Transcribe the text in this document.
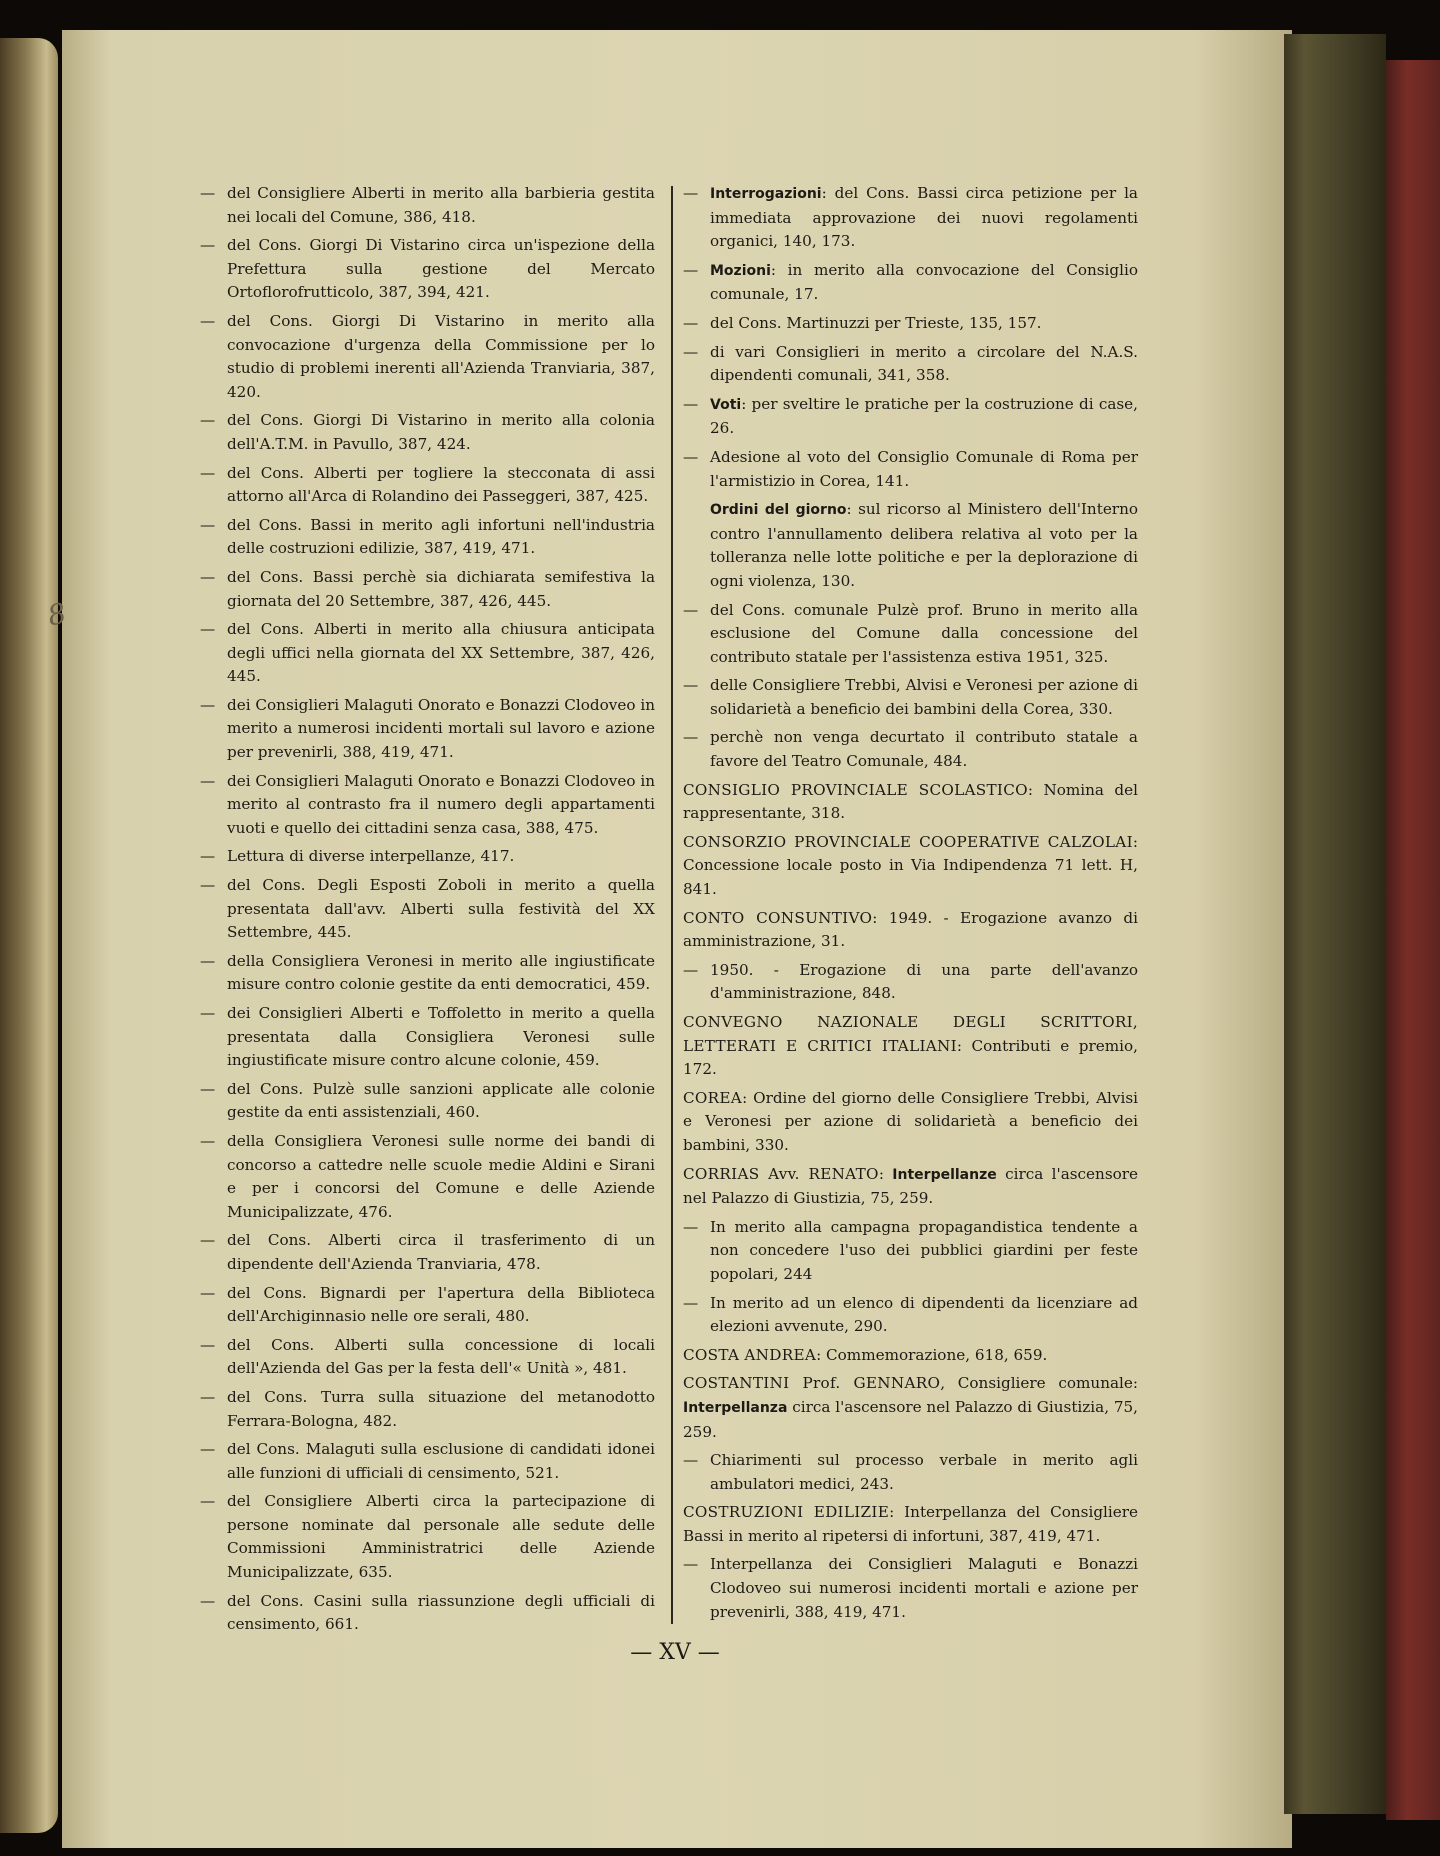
8
— del Consigliere Alberti in merito alla barbieria gestita nei locali del Comune, 386, 418.
— del Cons. Giorgi Di Vistarino circa un'ispezione della Prefettura sulla gestione del Mercato Ortoflorofrutticolo, 387, 394, 421.
— del Cons. Giorgi Di Vistarino in merito alla convocazione d'urgenza della Commissione per lo studio di problemi inerenti all'Azienda Tranviaria, 387, 420.
— del Cons. Giorgi Di Vistarino in merito alla colonia dell'A.T.M. in Pavullo, 387, 424.
— del Cons. Alberti per togliere la stecconata di assi attorno all'Arca di Rolandino dei Passeggeri, 387, 425.
— del Cons. Bassi in merito agli infortuni nell'industria delle costruzioni edilizie, 387, 419, 471.
— del Cons. Bassi perchè sia dichiarata semifestiva la giornata del 20 Settembre, 387, 426, 445.
— del Cons. Alberti in merito alla chiusura anticipata degli uffici nella giornata del XX Settembre, 387, 426, 445.
— dei Consiglieri Malaguti Onorato e Bonazzi Clodoveo in merito a numerosi incidenti mortali sul lavoro e azione per prevenirli, 388, 419, 471.
— dei Consiglieri Malaguti Onorato e Bonazzi Clodoveo in merito al contrasto fra il numero degli appartamenti vuoti e quello dei cittadini senza casa, 388, 475.
— Lettura di diverse interpellanze, 417.
— del Cons. Degli Esposti Zoboli in merito a quella presentata dall'avv. Alberti sulla festività del XX Settembre, 445.
— della Consigliera Veronesi in merito alle ingiustificate misure contro colonie gestite da enti democratici, 459.
— dei Consiglieri Alberti e Toffoletto in merito a quella presentata dalla Consigliera Veronesi sulle ingiustificate misure contro alcune colonie, 459.
— del Cons. Pulzè sulle sanzioni applicate alle colonie gestite da enti assistenziali, 460.
— della Consigliera Veronesi sulle norme dei bandi di concorso a cattedre nelle scuole medie Aldini e Sirani e per i concorsi del Comune e delle Aziende Municipalizzate, 476.
— del Cons. Alberti circa il trasferimento di un dipendente dell'Azienda Tranviaria, 478.
— del Cons. Bignardi per l'apertura della Biblioteca dell'Archiginnasio nelle ore serali, 480.
— del Cons. Alberti sulla concessione di locali dell'Azienda del Gas per la festa dell'« Unità », 481.
— del Cons. Turra sulla situazione del metanodotto Ferrara-Bologna, 482.
— del Cons. Malaguti sulla esclusione di candidati idonei alle funzioni di ufficiali di censimento, 521.
— del Consigliere Alberti circa la partecipazione di persone nominate dal personale alle sedute delle Commissioni Amministratrici delle Aziende Municipalizzate, 635.
— del Cons. Casini sulla riassunzione degli ufficiali di censimento, 661.
— Interrogazioni: del Cons. Bassi circa petizione per la immediata approvazione dei nuovi regolamenti organici, 140, 173.
— Mozioni: in merito alla convocazione del Consiglio comunale, 17.
— del Cons. Martinuzzi per Trieste, 135, 157.
— di vari Consiglieri in merito a circolare del N.A.S. dipendenti comunali, 341, 358.
— Voti: per sveltire le pratiche per la costruzione di case, 26.
— Adesione al voto del Consiglio Comunale di Roma per l'armistizio in Corea, 141.
Ordini del giorno: sul ricorso al Ministero dell'Interno contro l'annullamento delibera relativa al voto per la tolleranza nelle lotte politiche e per la deplorazione di ogni violenza, 130.
— del Cons. comunale Pulzè prof. Bruno in merito alla esclusione del Comune dalla concessione del contributo statale per l'assistenza estiva 1951, 325.
— delle Consigliere Trebbi, Alvisi e Veronesi per azione di solidarietà a beneficio dei bambini della Corea, 330.
— perchè non venga decurtato il contributo statale a favore del Teatro Comunale, 484.
CONSIGLIO PROVINCIALE SCOLASTICO: Nomina del rappresentante, 318.
CONSORZIO PROVINCIALE COOPERATIVE CALZOLAI: Concessione locale posto in Via Indipendenza 71 lett. H, 841.
CONTO CONSUNTIVO: 1949. - Erogazione avanzo di amministrazione, 31.
— 1950. - Erogazione di una parte dell'avanzo d'amministrazione, 848.
CONVEGNO NAZIONALE DEGLI SCRITTORI, LETTERATI E CRITICI ITALIANI: Contributi e premio, 172.
COREA: Ordine del giorno delle Consigliere Trebbi, Alvisi e Veronesi per azione di solidarietà a beneficio dei bambini, 330.
CORRIAS Avv. RENATO: Interpellanze circa l'ascensore nel Palazzo di Giustizia, 75, 259.
— In merito alla campagna propagandistica tendente a non concedere l'uso dei pubblici giardini per feste popolari, 244
— In merito ad un elenco di dipendenti da licenziare ad elezioni avvenute, 290.
COSTA ANDREA: Commemorazione, 618, 659.
COSTANTINI Prof. GENNARO, Consigliere comunale: Interpellanza circa l'ascensore nel Palazzo di Giustizia, 75, 259.
— Chiarimenti sul processo verbale in merito agli ambulatori medici, 243.
COSTRUZIONI EDILIZIE: Interpellanza del Consigliere Bassi in merito al ripetersi di infortuni, 387, 419, 471.
— Interpellanza dei Consiglieri Malaguti e Bonazzi Clodoveo sui numerosi incidenti mortali e azione per prevenirli, 388, 419, 471.
— XV —
